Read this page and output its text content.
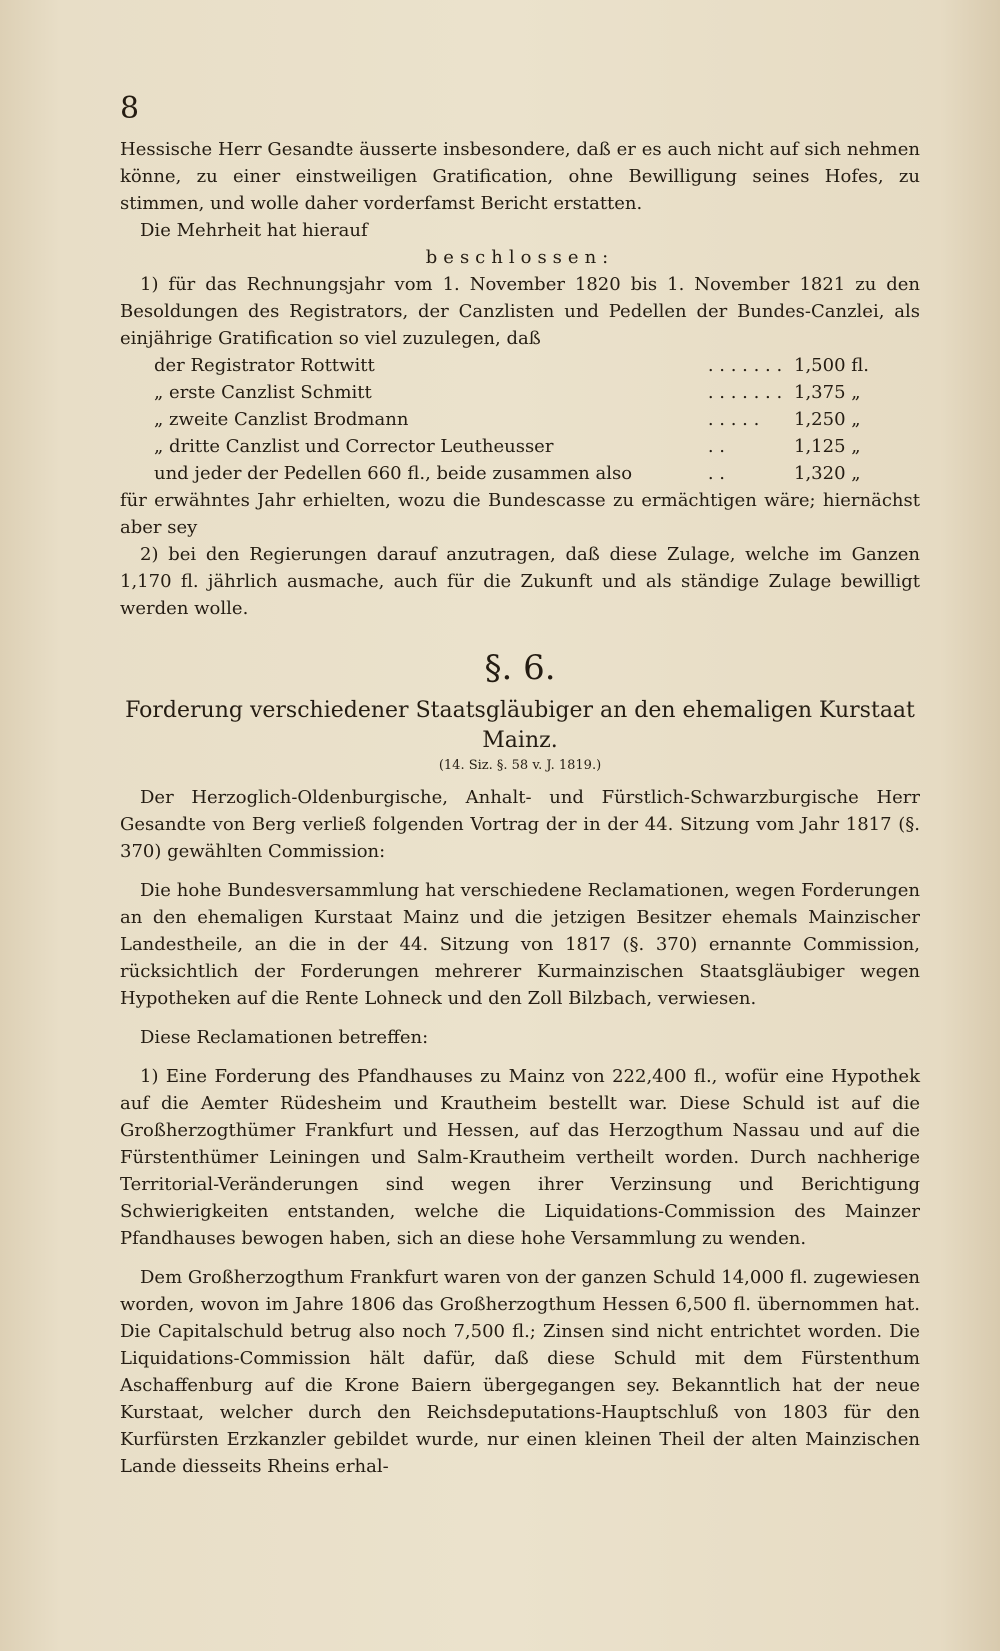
8

Hessische Herr Gesandte äusserte insbesondere, daß er es auch nicht auf sich nehmen könne, zu einer einstweiligen Gratification, ohne Bewilligung seines Hofes, zu stimmen, und wolle daher vorderfamst Bericht erstatten.

Die Mehrheit hat hierauf

beschlossen:

1) für das Rechnungsjahr vom 1. November 1820 bis 1. November 1821 zu den Besoldungen des Registrators, der Canzlisten und Pedellen der Bundes-Canzlei, als einjährige Gratification so viel zuzulegen, daß

der Registrator Rottwitt	. . . . . . .	1,500 fl.
„ erste Canzlist Schmitt	. . . . . . .	1,375 „
„ zweite Canzlist Brodmann	. . . . .	1,250 „
„ dritte Canzlist und Corrector Leutheusser	. .	1,125 „
und jeder der Pedellen 660 fl., beide zusammen also	. .	1,320 „

für erwähntes Jahr erhielten, wozu die Bundescasse zu ermächtigen wäre; hiernächst aber sey

2) bei den Regierungen darauf anzutragen, daß diese Zulage, welche im Ganzen 1,170 fl. jährlich ausmache, auch für die Zukunft und als ständige Zulage bewilligt werden wolle.

§. 6.
Forderung verschiedener Staatsgläubiger an den ehemaligen Kurstaat Mainz.
(14. Siz. §. 58 v. J. 1819.)

Der Herzoglich-Oldenburgische, Anhalt- und Fürstlich-Schwarzburgische Herr Gesandte von Berg verließ folgenden Vortrag der in der 44. Sitzung vom Jahr 1817 (§. 370) gewählten Commission:

Die hohe Bundesversammlung hat verschiedene Reclamationen, wegen Forderungen an den ehemaligen Kurstaat Mainz und die jetzigen Besitzer ehemals Mainzischer Landestheile, an die in der 44. Sitzung von 1817 (§. 370) ernannte Commission, rücksichtlich der Forderungen mehrerer Kurmainzischen Staatsgläubiger wegen Hypotheken auf die Rente Lohneck und den Zoll Bilzbach, verwiesen.

Diese Reclamationen betreffen:

1) Eine Forderung des Pfandhauses zu Mainz von 222,400 fl., wofür eine Hypothek auf die Aemter Rüdesheim und Krautheim bestellt war. Diese Schuld ist auf die Großherzogthümer Frankfurt und Hessen, auf das Herzogthum Nassau und auf die Fürstenthümer Leiningen und Salm-Krautheim vertheilt worden. Durch nachherige Territorial-Veränderungen sind wegen ihrer Verzinsung und Berichtigung Schwierigkeiten entstanden, welche die Liquidations-Commission des Mainzer Pfandhauses bewogen haben, sich an diese hohe Versammlung zu wenden.

Dem Großherzogthum Frankfurt waren von der ganzen Schuld 14,000 fl. zugewiesen worden, wovon im Jahre 1806 das Großherzogthum Hessen 6,500 fl. übernommen hat. Die Capitalschuld betrug also noch 7,500 fl.; Zinsen sind nicht entrichtet worden. Die Liquidations-Commission hält dafür, daß diese Schuld mit dem Fürstenthum Aschaffenburg auf die Krone Baiern übergegangen sey. Bekanntlich hat der neue Kurstaat, welcher durch den Reichsdeputations-Hauptschluß von 1803 für den Kurfürsten Erzkanzler gebildet wurde, nur einen kleinen Theil der alten Mainzischen Lande diesseits Rheins erhal-
